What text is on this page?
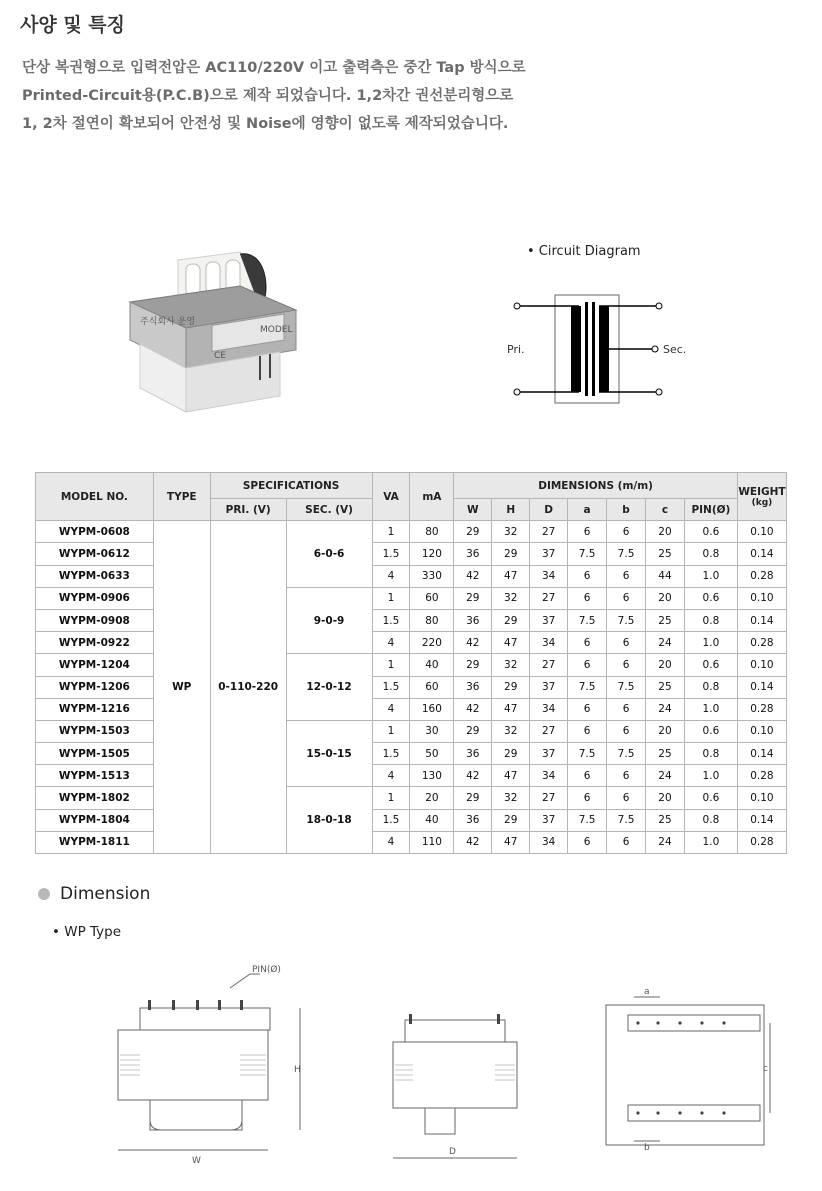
사양 및 특징
단상 복권형으로 입력전압은 AC110/220V 이고 출력측은 중간 Tap 방식으로
Printed-Circuit용(P.C.B)으로 제작 되었습니다. 1,2차간 권선분리형으로
1, 2차 절연이 확보되어 안전성 및 Noise에 영향이 없도록 제작되었습니다.
주식회사 운영
MODEL
CE
• Circuit Diagram
Pri.	Sec.
MODEL NO.	TYPE	SPECIFICATIONS		VA	mA	DIMENSIONS (m/m)							WEIGHT
(kg)

		PRI. (V)	SEC. (V)			W	H	D	a	b	c	PIN(Ø)	
WYPM-0608	WP	0-110-220	6-0-6	1	80	29	32	27	6	6	20	0.6	0.10
WYPM-0612				1.5	120	36	29	37	7.5	7.5	25	0.8	0.14
WYPM-0633				4	330	42	47	34	6	6	44	1.0	0.28
WYPM-0906			9-0-9	1	60	29	32	27	6	6	20	0.6	0.10
WYPM-0908				1.5	80	36	29	37	7.5	7.5	25	0.8	0.14
WYPM-0922				4	220	42	47	34	6	6	24	1.0	0.28
WYPM-1204			12-0-12	1	40	29	32	27	6	6	20	0.6	0.10
WYPM-1206				1.5	60	36	29	37	7.5	7.5	25	0.8	0.14
WYPM-1216				4	160	42	47	34	6	6	24	1.0	0.28
WYPM-1503			15-0-15	1	30	29	32	27	6	6	20	0.6	0.10
WYPM-1505				1.5	50	36	29	37	7.5	7.5	25	0.8	0.14
WYPM-1513				4	130	42	47	34	6	6	24	1.0	0.28
WYPM-1802			18-0-18	1	20	29	32	27	6	6	20	0.6	0.10
WYPM-1804				1.5	40	36	29	37	7.5	7.5	25	0.8	0.14
WYPM-1811				4	110	42	47	34	6	6	24	1.0	0.28
Dimension
• WP Type
PIN(Ø)
H
W
D
a
b
c
